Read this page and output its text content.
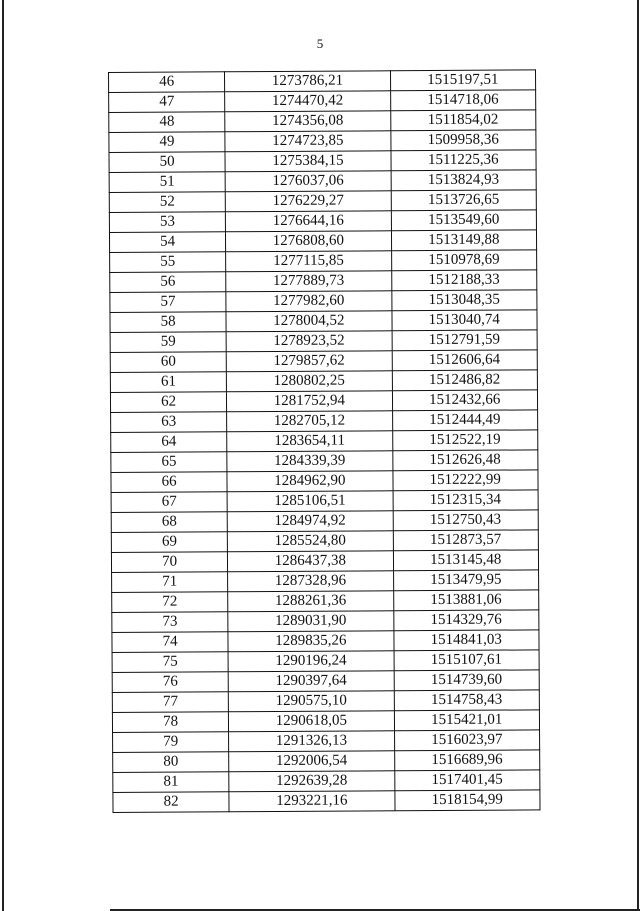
5
46	1273786,21	1515197,51
47	1274470,42	1514718,06
48	1274356,08	1511854,02
49	1274723,85	1509958,36
50	1275384,15	1511225,36
51	1276037,06	1513824,93
52	1276229,27	1513726,65
53	1276644,16	1513549,60
54	1276808,60	1513149,88
55	1277115,85	1510978,69
56	1277889,73	1512188,33
57	1277982,60	1513048,35
58	1278004,52	1513040,74
59	1278923,52	1512791,59
60	1279857,62	1512606,64
61	1280802,25	1512486,82
62	1281752,94	1512432,66
63	1282705,12	1512444,49
64	1283654,11	1512522,19
65	1284339,39	1512626,48
66	1284962,90	1512222,99
67	1285106,51	1512315,34
68	1284974,92	1512750,43
69	1285524,80	1512873,57
70	1286437,38	1513145,48
71	1287328,96	1513479,95
72	1288261,36	1513881,06
73	1289031,90	1514329,76
74	1289835,26	1514841,03
75	1290196,24	1515107,61
76	1290397,64	1514739,60
77	1290575,10	1514758,43
78	1290618,05	1515421,01
79	1291326,13	1516023,97
80	1292006,54	1516689,96
81	1292639,28	1517401,45
82	1293221,16	1518154,99
